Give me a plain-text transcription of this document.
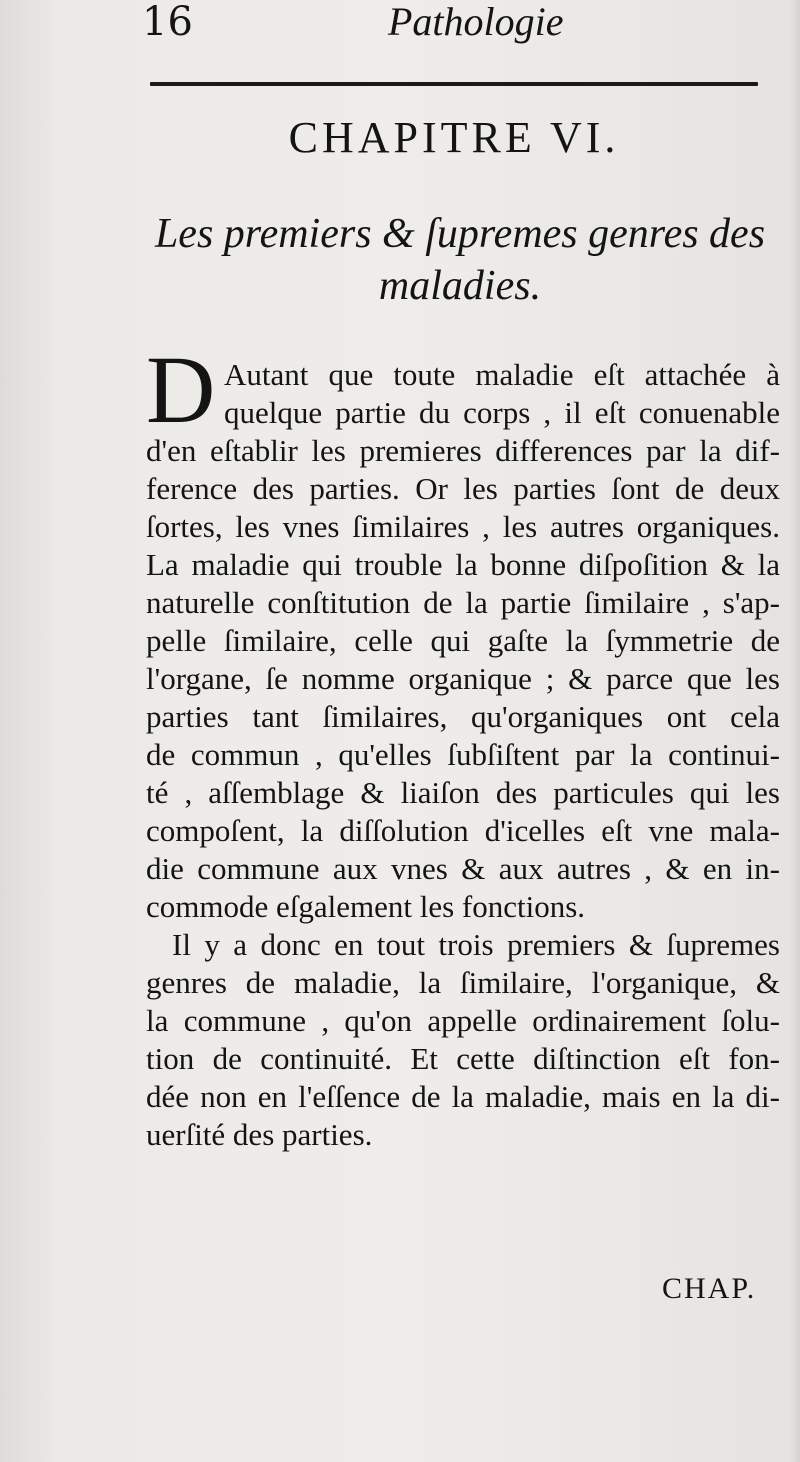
16	Pathologie
CHAPITRE VI.
Les premiers & ſupremes genres des
maladies.
D Autant que toute maladie eſt attachée à
quelque partie du corps , il eſt conuenable
d'en eſtablir les premieres differences par la dif-
ference des parties. Or les parties ſont de deux
ſortes, les vnes ſimilaires , les autres organiques.
La maladie qui trouble la bonne diſpoſition & la
naturelle conſtitution de la partie ſimilaire , s'ap-
pelle ſimilaire, celle qui gaſte la ſymmetrie de
l'organe, ſe nomme organique ; & parce que les
parties tant ſimilaires, qu'organiques ont cela
de commun , qu'elles ſubſiſtent par la continui-
té , aſſemblage & liaiſon des particules qui les
compoſent, la diſſolution d'icelles eſt vne mala-
die commune aux vnes & aux autres , & en in-
commode eſgalement les fonctions.
Il y a donc en tout trois premiers & ſupremes
genres de maladie, la ſimilaire, l'organique, &
la commune , qu'on appelle ordinairement ſolu-
tion de continuité. Et cette diſtinction eſt fon-
dée non en l'eſſence de la maladie, mais en la di-
uerſité des parties.
CHAP.
